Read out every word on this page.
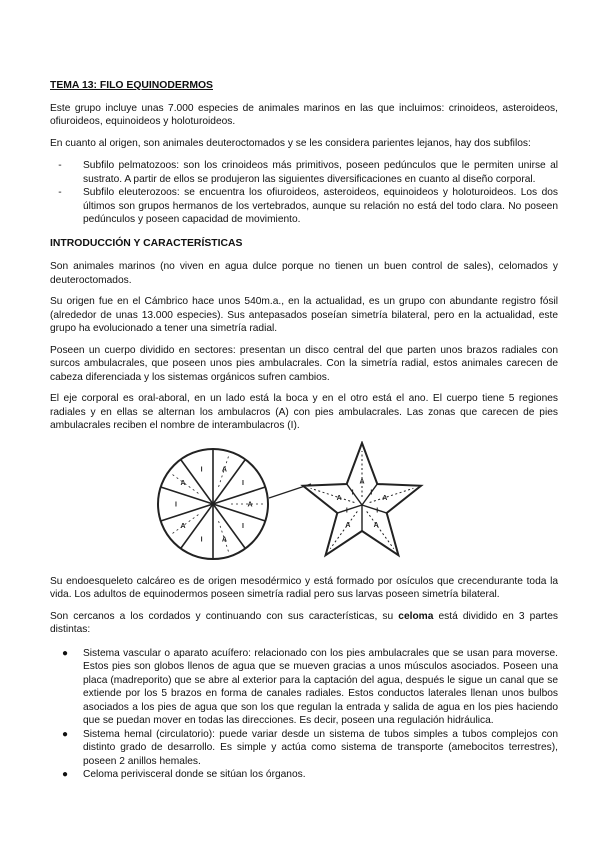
TEMA 13: FILO EQUINODERMOS

Este grupo incluye unas 7.000 especies de animales marinos en las que incluimos: crinoideos, asteroideos, ofiuroideos, equinoideos y holoturoideos.

En cuanto al origen, son animales deuteroctomados y se les considera parientes lejanos, hay dos subfilos:

-	Subfilo pelmatozoos: son los crinoideos más primitivos, poseen pedúnculos que le permiten unirse al sustrato. A partir de ellos se produjeron las siguientes diversificaciones en cuanto al diseño corporal.
-	Subfilo eleuterozoos: se encuentra los ofiuroideos, asteroideos, equinoideos y holoturoideos. Los dos últimos son grupos hermanos de los vertebrados, aunque su relación no está del todo clara. No poseen pedúnculos y poseen capacidad de movimiento.

INTRODUCCIÓN Y CARACTERÍSTICAS

Son animales marinos (no viven en agua dulce porque no tienen un buen control de sales), celomados y deuteroctomados.

Su origen fue en el Cámbrico hace unos 540m.a., en la actualidad, es un grupo con abundante registro fósil (alrededor de unas 13.000 especies). Sus antepasados poseían simetría bilateral, pero en la actualidad, este grupo ha evolucionado a tener una simetría radial.

Poseen un cuerpo dividido en sectores: presentan un disco central del que parten unos brazos radiales con surcos ambulacrales, que poseen unos pies ambulacrales. Con la simetría radial, estos animales carecen de cabeza diferenciada y los sistemas orgánicos sufren cambios.

El eje corporal es oral-aboral, en un lado está la boca y en el otro está el ano. El cuerpo tiene 5 regiones radiales y en ellas se alternan los ambulacros (A) con pies ambulacrales. Las zonas que carecen de pies ambulacrales reciben el nombre de interambulacros (I).

A
I
A
I
A
I
A
I
A
I
A
I
A
I
A
I
A
I
A
I

Su endoesqueleto calcáreo es de origen mesodérmico y está formado por osículos que crecendurante toda la vida. Los adultos de equinodermos poseen simetría radial pero sus larvas poseen simetría bilateral.

Son cercanos a los cordados y continuando con sus características, su celoma está dividido en 3 partes distintas:

● Sistema vascular o aparato acuífero: relacionado con los pies ambulacrales que se usan para moverse. Estos pies son globos llenos de agua que se mueven gracias a unos músculos asociados. Poseen una placa (madreporito) que se abre al exterior para la captación del agua, después le sigue un canal que se extiende por los 5 brazos en forma de canales radiales. Estos conductos laterales llenan unos bulbos asociados a los pies de agua que son los que regulan la entrada y salida de agua en los pies haciendo que se puedan mover en todas las direcciones. Es decir, poseen una regulación hidráulica.
● Sistema hemal (circulatorio): puede variar desde un sistema de tubos simples a tubos complejos con distinto grado de desarrollo. Es simple y actúa como sistema de transporte (amebocitos terrestres), poseen 2 anillos hemales.
● Celoma perivisceral donde se sitúan los órganos.
